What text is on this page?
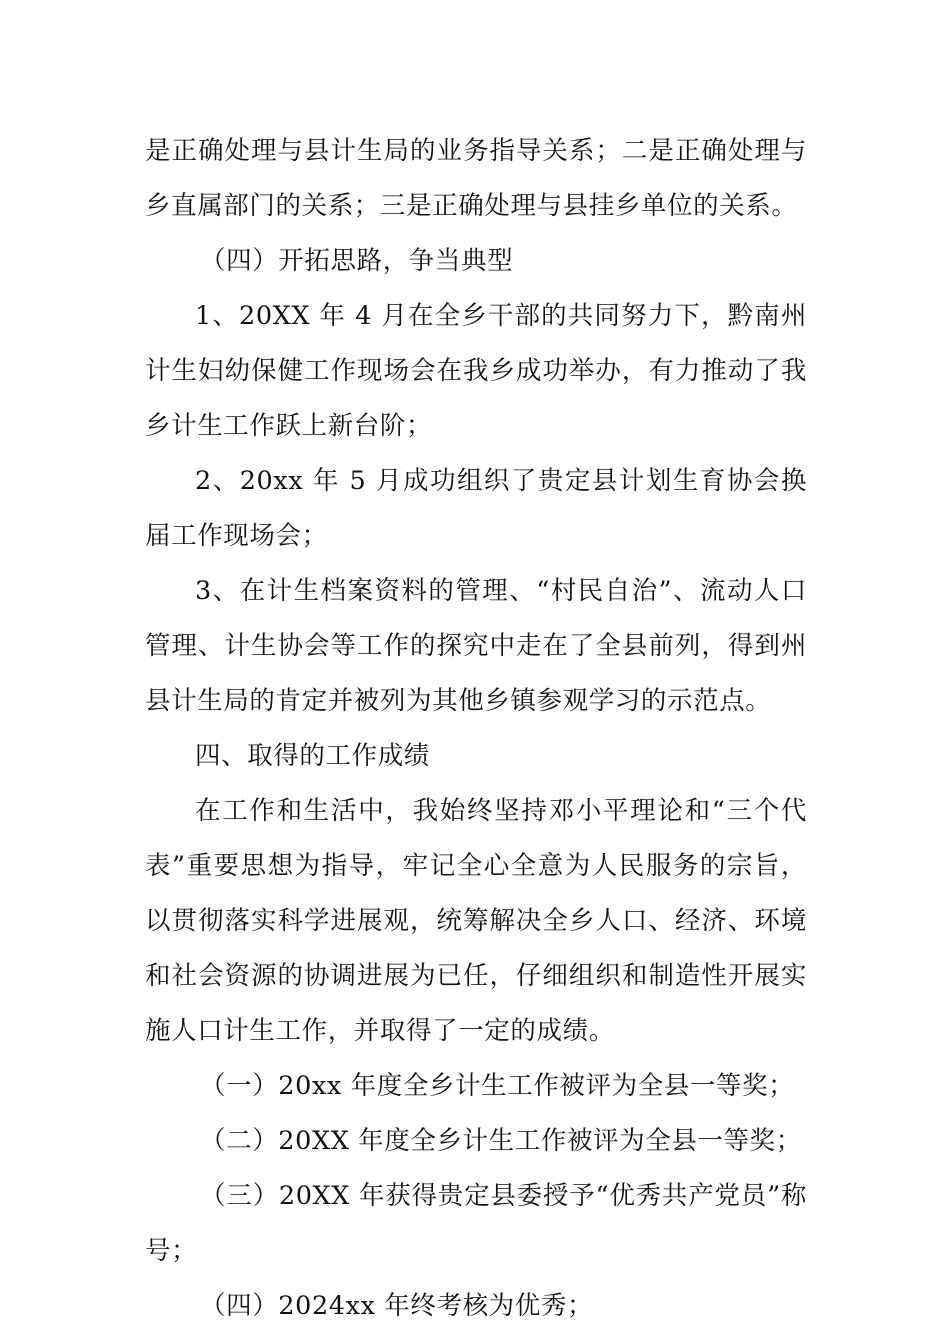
是正确处理与县计生局的业务指导关系；二是正确处理与乡直属部门的关系；三是正确处理与县挂乡单位的关系。

（四）开拓思路，争当典型

1、20XX 年 4 月在全乡干部的共同努力下，黔南州计生妇幼保健工作现场会在我乡成功举办，有力推动了我乡计生工作跃上新台阶；

2、20xx 年 5 月成功组织了贵定县计划生育协会换届工作现场会；

3、在计生档案资料的管理、“村民自治”、流动人口管理、计生协会等工作的探究中走在了全县前列，得到州县计生局的肯定并被列为其他乡镇参观学习的示范点。

四、取得的工作成绩

在工作和生活中，我始终坚持邓小平理论和“三个代表”重要思想为指导，牢记全心全意为人民服务的宗旨，以贯彻落实科学进展观，统筹解决全乡人口、经济、环境和社会资源的协调进展为已任，仔细组织和制造性开展实施人口计生工作，并取得了一定的成绩。

（一）20xx 年度全乡计生工作被评为全县一等奖；

（二）20XX 年度全乡计生工作被评为全县一等奖；

（三）20XX 年获得贵定县委授予“优秀共产党员”称号；

（四）2024xx 年终考核为优秀；
